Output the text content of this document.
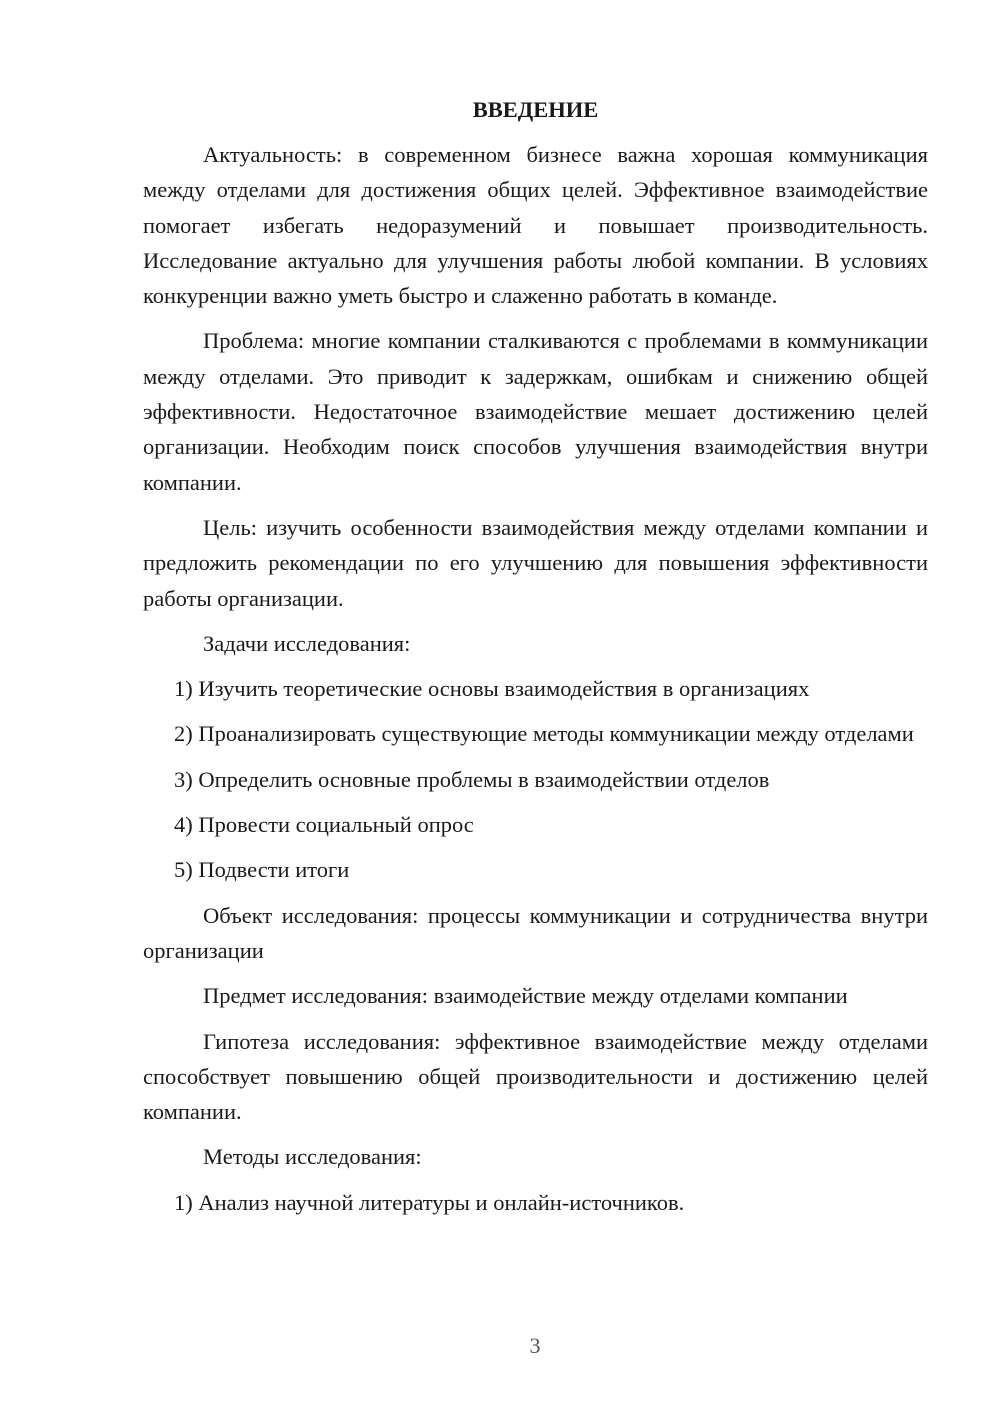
ВВЕДЕНИЕ

Актуальность: в современном бизнесе важна хорошая коммуникация между отделами для достижения общих целей. Эффективное взаимодействие помогает избегать недоразумений и повышает производительность. Исследование актуально для улучшения работы любой компании. В условиях конкуренции важно уметь быстро и слаженно работать в команде.

Проблема: многие компании сталкиваются с проблемами в коммуникации между отделами. Это приводит к задержкам, ошибкам и снижению общей эффективности. Недостаточное взаимодействие мешает достижению целей организации. Необходим поиск способов улучшения взаимодействия внутри компании.

Цель: изучить особенности взаимодействия между отделами компании и предложить рекомендации по его улучшению для повышения эффективности работы организации.

Задачи исследования:

1) Изучить теоретические основы взаимодействия в организациях

2) Проанализировать существующие методы коммуникации между отделами

3) Определить основные проблемы в взаимодействии отделов

4) Провести социальный опрос

5) Подвести итоги

Объект исследования: процессы коммуникации и сотрудничества внутри организации

Предмет исследования: взаимодействие между отделами компании

Гипотеза исследования: эффективное взаимодействие между отделами способствует повышению общей производительности и достижению целей компании.

Методы исследования:

1) Анализ научной литературы и онлайн-источников.

3
